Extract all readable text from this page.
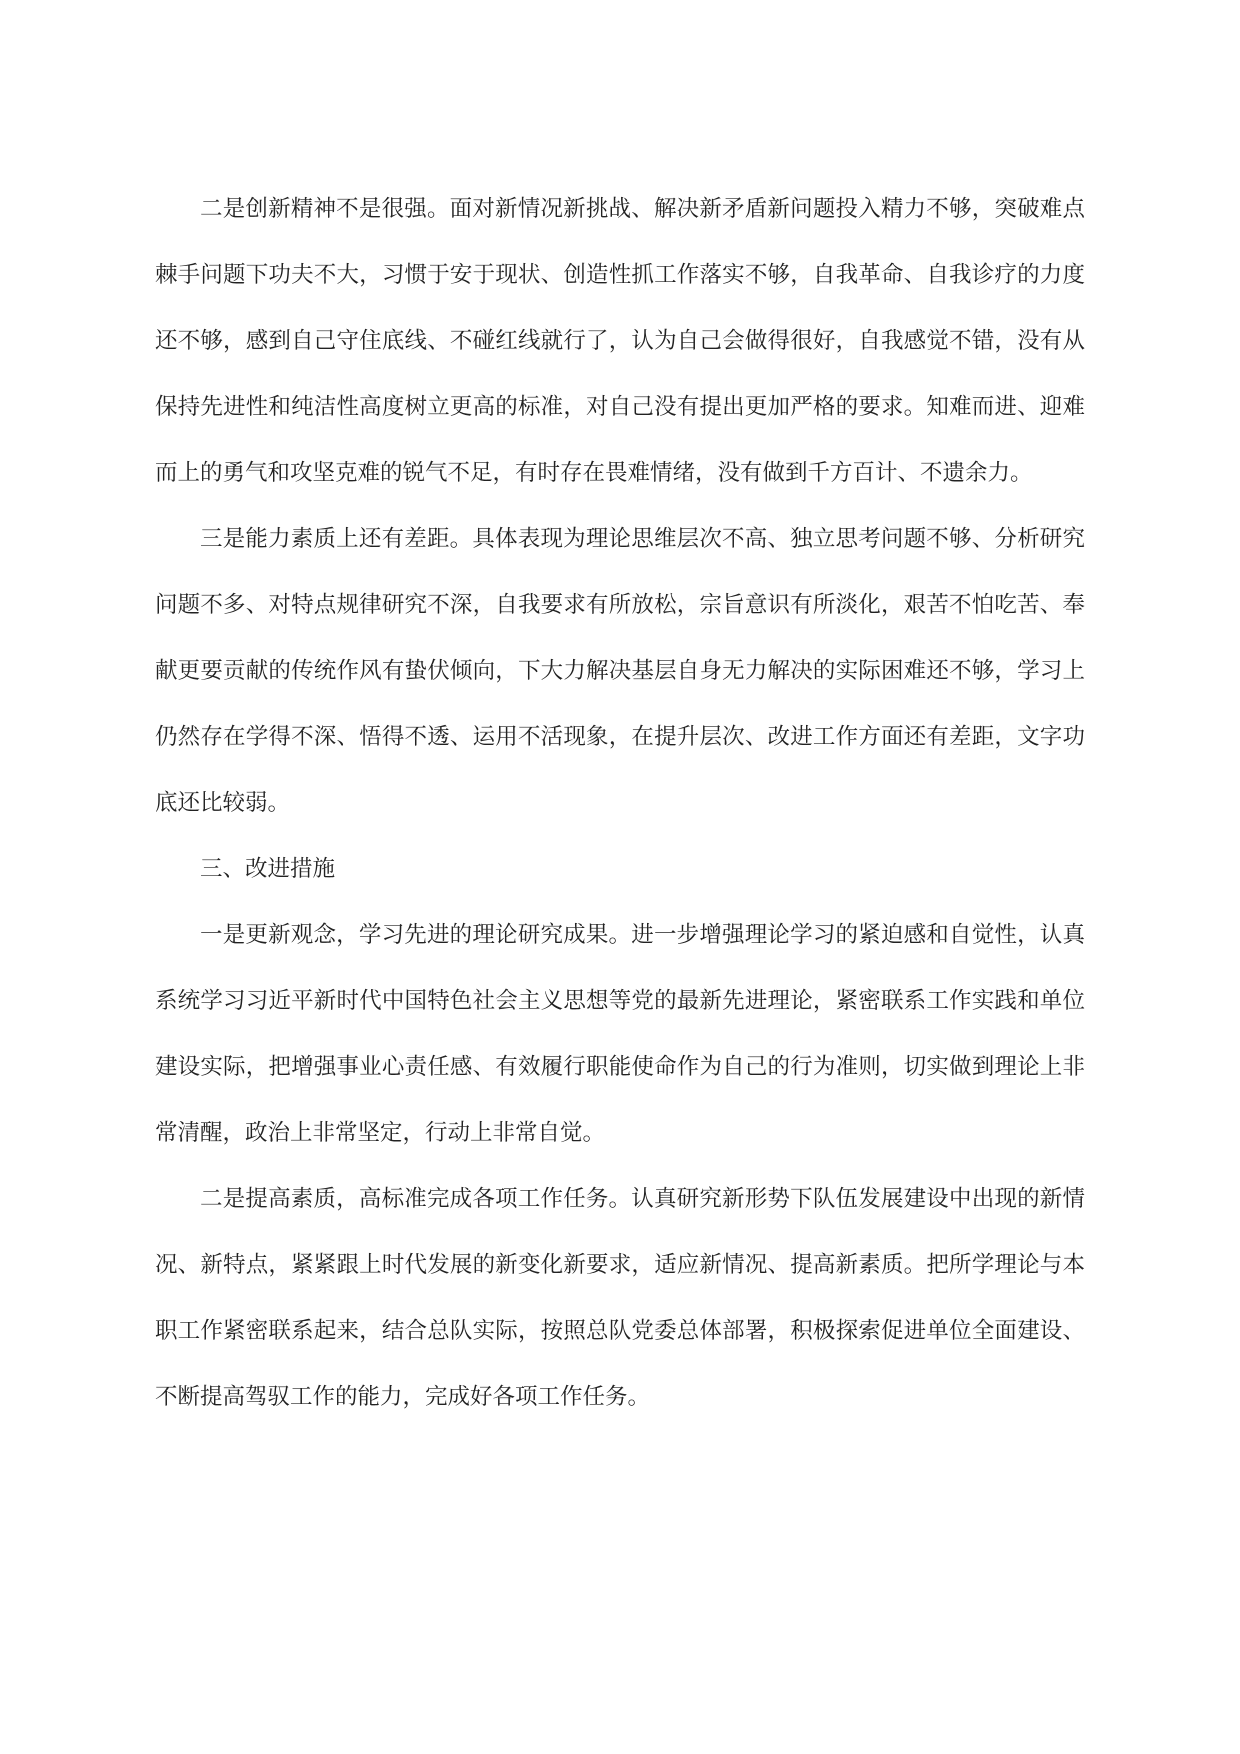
二是创新精神不是很强。面对新情况新挑战、解决新矛盾新问题投入精力不够，突破难点棘手问题下功夫不大，习惯于安于现状、创造性抓工作落实不够，自我革命、自我诊疗的力度还不够，感到自己守住底线、不碰红线就行了，认为自己会做得很好，自我感觉不错，没有从保持先进性和纯洁性高度树立更高的标准，对自己没有提出更加严格的要求。知难而进、迎难而上的勇气和攻坚克难的锐气不足，有时存在畏难情绪，没有做到千方百计、不遗余力。

三是能力素质上还有差距。具体表现为理论思维层次不高、独立思考问题不够、分析研究问题不多、对特点规律研究不深，自我要求有所放松，宗旨意识有所淡化，艰苦不怕吃苦、奉献更要贡献的传统作风有蛰伏倾向，下大力解决基层自身无力解决的实际困难还不够，学习上仍然存在学得不深、悟得不透、运用不活现象，在提升层次、改进工作方面还有差距，文字功底还比较弱。

三、改进措施

一是更新观念，学习先进的理论研究成果。进一步增强理论学习的紧迫感和自觉性，认真系统学习习近平新时代中国特色社会主义思想等党的最新先进理论，紧密联系工作实践和单位建设实际，把增强事业心责任感、有效履行职能使命作为自己的行为准则，切实做到理论上非常清醒，政治上非常坚定，行动上非常自觉。

二是提高素质，高标准完成各项工作任务。认真研究新形势下队伍发展建设中出现的新情况、新特点，紧紧跟上时代发展的新变化新要求，适应新情况、提高新素质。把所学理论与本职工作紧密联系起来，结合总队实际，按照总队党委总体部署，积极探索促进单位全面建设、不断提高驾驭工作的能力，完成好各项工作任务。
